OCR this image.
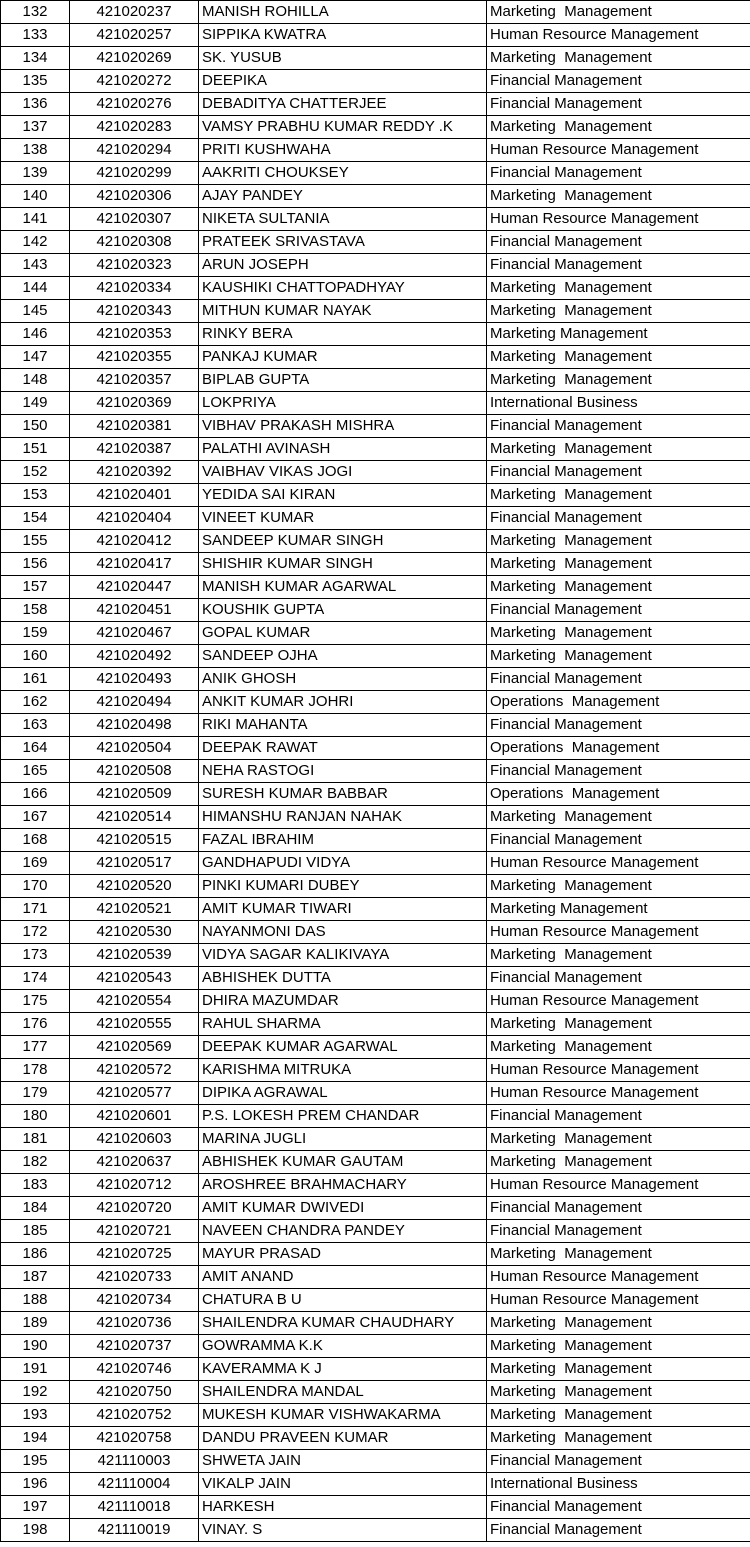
132	421020237	MANISH ROHILLA	Marketing  Management
133	421020257	SIPPIKA KWATRA	Human Resource Management
134	421020269	SK. YUSUB	Marketing  Management
135	421020272	DEEPIKA	Financial Management
136	421020276	DEBADITYA CHATTERJEE	Financial Management
137	421020283	VAMSY PRABHU KUMAR REDDY .K	Marketing  Management
138	421020294	PRITI KUSHWAHA	Human Resource Management
139	421020299	AAKRITI CHOUKSEY	Financial Management
140	421020306	AJAY PANDEY	Marketing  Management
141	421020307	NIKETA SULTANIA	Human Resource Management
142	421020308	PRATEEK SRIVASTAVA	Financial Management
143	421020323	ARUN JOSEPH	Financial Management
144	421020334	KAUSHIKI CHATTOPADHYAY	Marketing  Management
145	421020343	MITHUN KUMAR NAYAK	Marketing  Management
146	421020353	RINKY BERA	Marketing Management
147	421020355	PANKAJ KUMAR	Marketing  Management
148	421020357	BIPLAB GUPTA	Marketing  Management
149	421020369	LOKPRIYA	International Business
150	421020381	VIBHAV PRAKASH MISHRA	Financial Management
151	421020387	PALATHI AVINASH	Marketing  Management
152	421020392	VAIBHAV VIKAS JOGI	Financial Management
153	421020401	YEDIDA SAI KIRAN	Marketing  Management
154	421020404	VINEET KUMAR	Financial Management
155	421020412	SANDEEP KUMAR SINGH	Marketing  Management
156	421020417	SHISHIR KUMAR SINGH	Marketing  Management
157	421020447	MANISH KUMAR AGARWAL	Marketing  Management
158	421020451	KOUSHIK GUPTA	Financial Management
159	421020467	GOPAL KUMAR	Marketing  Management
160	421020492	SANDEEP OJHA	Marketing  Management
161	421020493	ANIK GHOSH	Financial Management
162	421020494	ANKIT KUMAR JOHRI	Operations  Management
163	421020498	RIKI MAHANTA	Financial Management
164	421020504	DEEPAK RAWAT	Operations  Management
165	421020508	NEHA RASTOGI	Financial Management
166	421020509	SURESH KUMAR BABBAR	Operations  Management
167	421020514	HIMANSHU RANJAN NAHAK	Marketing  Management
168	421020515	FAZAL IBRAHIM	Financial Management
169	421020517	GANDHAPUDI VIDYA	Human Resource Management
170	421020520	PINKI KUMARI DUBEY	Marketing  Management
171	421020521	AMIT KUMAR TIWARI	Marketing Management
172	421020530	NAYANMONI DAS	Human Resource Management
173	421020539	VIDYA SAGAR KALIKIVAYA	Marketing  Management
174	421020543	ABHISHEK DUTTA	Financial Management
175	421020554	DHIRA MAZUMDAR	Human Resource Management
176	421020555	RAHUL SHARMA	Marketing  Management
177	421020569	DEEPAK KUMAR AGARWAL	Marketing  Management
178	421020572	KARISHMA MITRUKA	Human Resource Management
179	421020577	DIPIKA AGRAWAL	Human Resource Management
180	421020601	P.S. LOKESH PREM CHANDAR	Financial Management
181	421020603	MARINA JUGLI	Marketing  Management
182	421020637	ABHISHEK KUMAR GAUTAM	Marketing  Management
183	421020712	AROSHREE BRAHMACHARY	Human Resource Management
184	421020720	AMIT KUMAR DWIVEDI	Financial Management
185	421020721	NAVEEN CHANDRA PANDEY	Financial Management
186	421020725	MAYUR PRASAD	Marketing  Management
187	421020733	AMIT ANAND	Human Resource Management
188	421020734	CHATURA B U	Human Resource Management
189	421020736	SHAILENDRA KUMAR CHAUDHARY	Marketing  Management
190	421020737	GOWRAMMA K.K	Marketing  Management
191	421020746	KAVERAMMA K J	Marketing  Management
192	421020750	SHAILENDRA MANDAL	Marketing  Management
193	421020752	MUKESH KUMAR VISHWAKARMA	Marketing  Management
194	421020758	DANDU PRAVEEN KUMAR	Marketing  Management
195	421110003	SHWETA JAIN	Financial Management
196	421110004	VIKALP JAIN	International Business
197	421110018	HARKESH	Financial Management
198	421110019	VINAY. S	Financial Management
